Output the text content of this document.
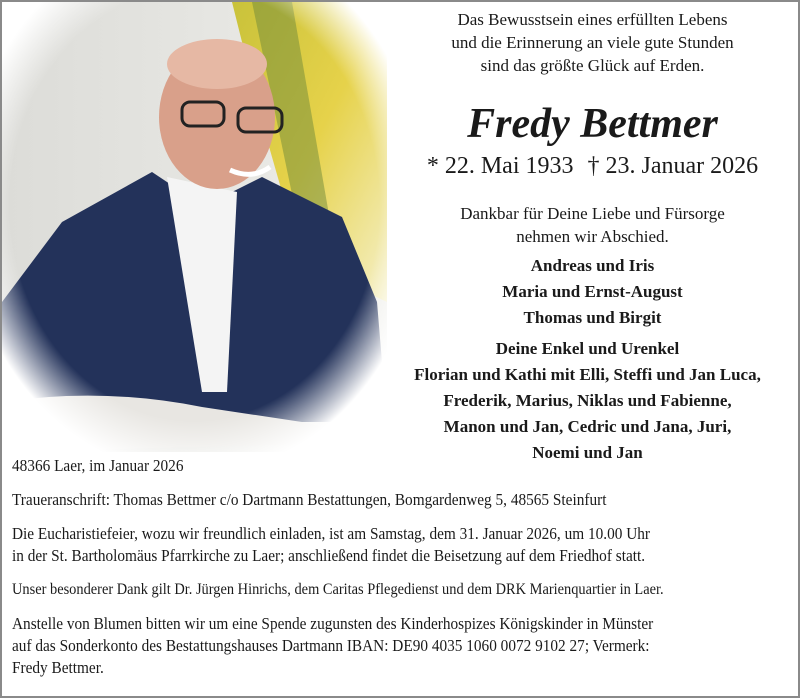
Das Bewusstsein eines erfüllten Lebens
und die Erinnerung an viele gute Stunden
sind das größte Glück auf Erden.
Fredy Bettmer
* 22. Mai 1933 † 23. Januar 2026
Dankbar für Deine Liebe und Fürsorge
nehmen wir Abschied.
Andreas und Iris
Maria und Ernst-August
Thomas und Birgit
Deine Enkel und Urenkel
Florian und Kathi mit Elli, Steffi und Jan Luca,
Frederik, Marius, Niklas und Fabienne,
Manon und Jan, Cedric und Jana, Juri,
Noemi und Jan

48366 Laer, im Januar 2026

Traueranschrift: Thomas Bettmer c/o Dartmann Bestattungen, Bomgardenweg 5, 48565 Steinfurt

Die Eucharistiefeier, wozu wir freundlich einladen, ist am Samstag, dem 31. Januar 2026, um 10.00 Uhr

in der St. Bartholomäus Pfarrkirche zu Laer; anschließend findet die Beisetzung auf dem Friedhof statt.

Unser besonderer Dank gilt Dr. Jürgen Hinrichs, dem Caritas Pflegedienst und dem DRK Marienquartier in Laer.

Anstelle von Blumen bitten wir um eine Spende zugunsten des Kinderhospizes Königskinder in Münster

auf das Sonderkonto des Bestattungshauses Dartmann IBAN: DE90 4035 1060 0072 9102 27; Vermerk:

Fredy Bettmer.
